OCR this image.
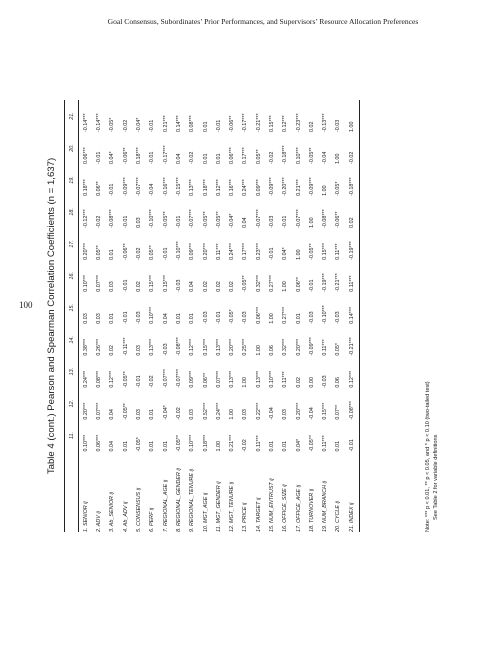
Goal Consensus, Subordinates’ Prior Performances, and Supervisors’ Resource Allocation Preferences
100 Table 4 (cont.) Pearson and Spearman Correlation Coefficients (n = 1,637)
	11.	12.	13.	14.	15.	16.	17.	18.	19.	20.	21.
1. SENIOR ij	0.10***	0.20***	0.24***	0.38***	0.03	0.10***	0.20***	-0.12***	0.18***	0.06***	-0.14***
2. ADV ij	0.06***	0.07***	0.08***	0.26***	0.03	0.07***	0.05**	-0.02	0.06**	-0.01	-0.14***
3. Ab_SENIOR ij	0.04	0.04	0.12***	0.02	0.01	0.03	0.01	-0.08***	-0.01	0.04*	-0.05*
4. Ab_ADV ij	0.01	-0.05**	-0.05**	-0.11***	-0.01	-0.01	-0.06**	-0.01	-0.09***	-0.06**	-0.02
5. CONSENSUS ij	-0.05*	0.03	-0.01	0.03	-0.03	0.02	-0.02	0.03	-0.07***	0.18***	-0.04*
6. PERF ij	0.01	0.01	-0.02	0.13***	0.10***	0.15***	0.05**	-0.10***	-0.04	-0.01	-0.01
7. REGIONAL_AGE ij	0.01	-0.04*	-0.07***	-0.03	0.04	0.15***	-0.01	-0.05**	-0.16***	-0.17***	0.21***
8. REGIONAL_GENDER ij	-0.05**	-0.02	-0.07***	-0.08***	0.01	-0.03	-0.10***	-0.01	-0.15***	0.04	0.14***
9. REGIONAL_TENURE ij	0.10***	0.03	0.09***	0.12***	0.01	0.04	0.09***	-0.07***	0.13***	-0.02	0.08***
10. MGT_AGE ij	0.18***	0.52***	0.06**	0.15***	-0.03	0.02	0.20***	-0.05**	0.18***	0.01	0.01
11. MGT_GENDER ij	1.00	0.24***	0.07***	0.13***	-0.01	0.02	0.11***	-0.05**	0.12***	0.01	-0.01
12. MGT_TENURE ij	0.21***	1.00	0.13***	0.20***	-0.05*	0.02	0.24***	-0.04*	0.16***	0.06***	-0.06**
13. PRICE ij	-0.02	0.03	1.00	0.25***	-0.03	-0.05**	0.17***	0.04	0.24***	0.17***	-0.17***
14. TARGET ij	0.11***	0.22***	0.13***	1.00	0.06***	0.32***	0.23***	-0.07***	0.09***	0.05**	-0.21***
15. NUM_ENTRUST ij	0.01	-0.04	0.10***	0.06	1.00	0.27***	-0.01	-0.03	-0.09***	-0.02	0.15***
16. OFFICE_SIZE ij	0.01	0.03	0.11***	0.32***	0.27***	1.00	0.04*	-0.01	-0.20***	-0.18***	0.12***
17. OFFICE_AGE ij	0.04*	0.20***	0.02	0.20***	0.01	0.06**	1.00	-0.07***	0.21***	0.10***	-0.23***
18. TURNOVER ij	-0.05**	-0.04	0.00	-0.09***	-0.03	-0.01	-0.05**	1.00	-0.09***	-0.05**	0.02
19. NUM_BRANCH ij	0.11***	0.15***	-0.03	0.11***	-0.10***	-0.19***	0.15***	-0.08***	1.00	-0.04	-0.13***
20. CYCLE ij	0.01	0.07**	0.06	0.05*	-0.03	-0.21***	0.11***	-0.06**	-0.05*	1.00	-0.03
21. INDEX ij	-0.01	-0.08***	0.12***	-0.21***	0.14***	0.11***	-0.19***	0.02	-0.18***	-0.02	1.00
Note: *** p < 0.01, ** p < 0.05, and * p < 0.10 (two-tailed test) See Table 2 for variable definitions
